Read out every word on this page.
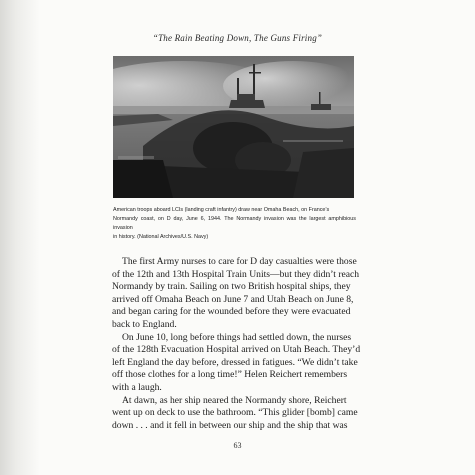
“The Rain Beating Down, The Guns Firing”
American troops aboard LCIs (landing craft infantry) draw near Omaha Beach, on France’s
Normandy coast, on D day, June 6, 1944. The Normandy invasion was the largest amphibious invasion
in history. (National Archives/U.S. Navy)
The first Army nurses to care for D day casualties were those
of the 12th and 13th Hospital Train Units—but they didn’t reach
Normandy by train. Sailing on two British hospital ships, they
arrived off Omaha Beach on June 7 and Utah Beach on June 8,
and began caring for the wounded before they were evacuated
back to England.
On June 10, long before things had settled down, the nurses
of the 128th Evacuation Hospital arrived on Utah Beach. They’d
left England the day before, dressed in fatigues. “We didn’t take
off those clothes for a long time!” Helen Reichert remembers
with a laugh.
At dawn, as her ship neared the Normandy shore, Reichert
went up on deck to use the bathroom. “This glider [bomb] came
down . . . and it fell in between our ship and the ship that was
63
